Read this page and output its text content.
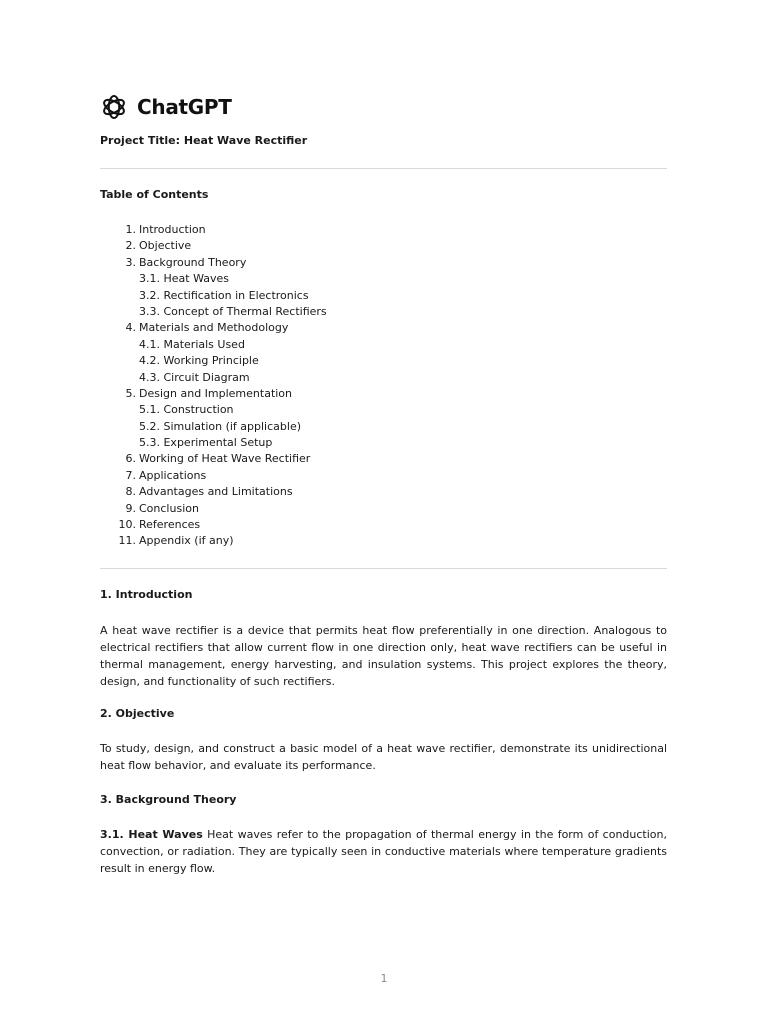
ChatGPT
Project Title: Heat Wave Rectifier
Table of Contents
1. Introduction
2. Objective
3. Background Theory
3.1. Heat Waves
3.2. Rectification in Electronics
3.3. Concept of Thermal Rectifiers
4. Materials and Methodology
4.1. Materials Used
4.2. Working Principle
4.3. Circuit Diagram
5. Design and Implementation
5.1. Construction
5.2. Simulation (if applicable)
5.3. Experimental Setup
6. Working of Heat Wave Rectifier
7. Applications
8. Advantages and Limitations
9. Conclusion
10. References
11. Appendix (if any)
1. Introduction

A heat wave rectifier is a device that permits heat flow preferentially in one direction. Analogous to electrical rectifiers that allow current flow in one direction only, heat wave rectifiers can be useful in thermal management, energy harvesting, and insulation systems. This project explores the theory, design, and functionality of such rectifiers.

2. Objective

To study, design, and construct a basic model of a heat wave rectifier, demonstrate its unidirectional heat flow behavior, and evaluate its performance.

3. Background Theory

3.1. Heat Waves Heat waves refer to the propagation of thermal energy in the form of conduction, convection, or radiation. They are typically seen in conductive materials where temperature gradients result in energy flow.

1
